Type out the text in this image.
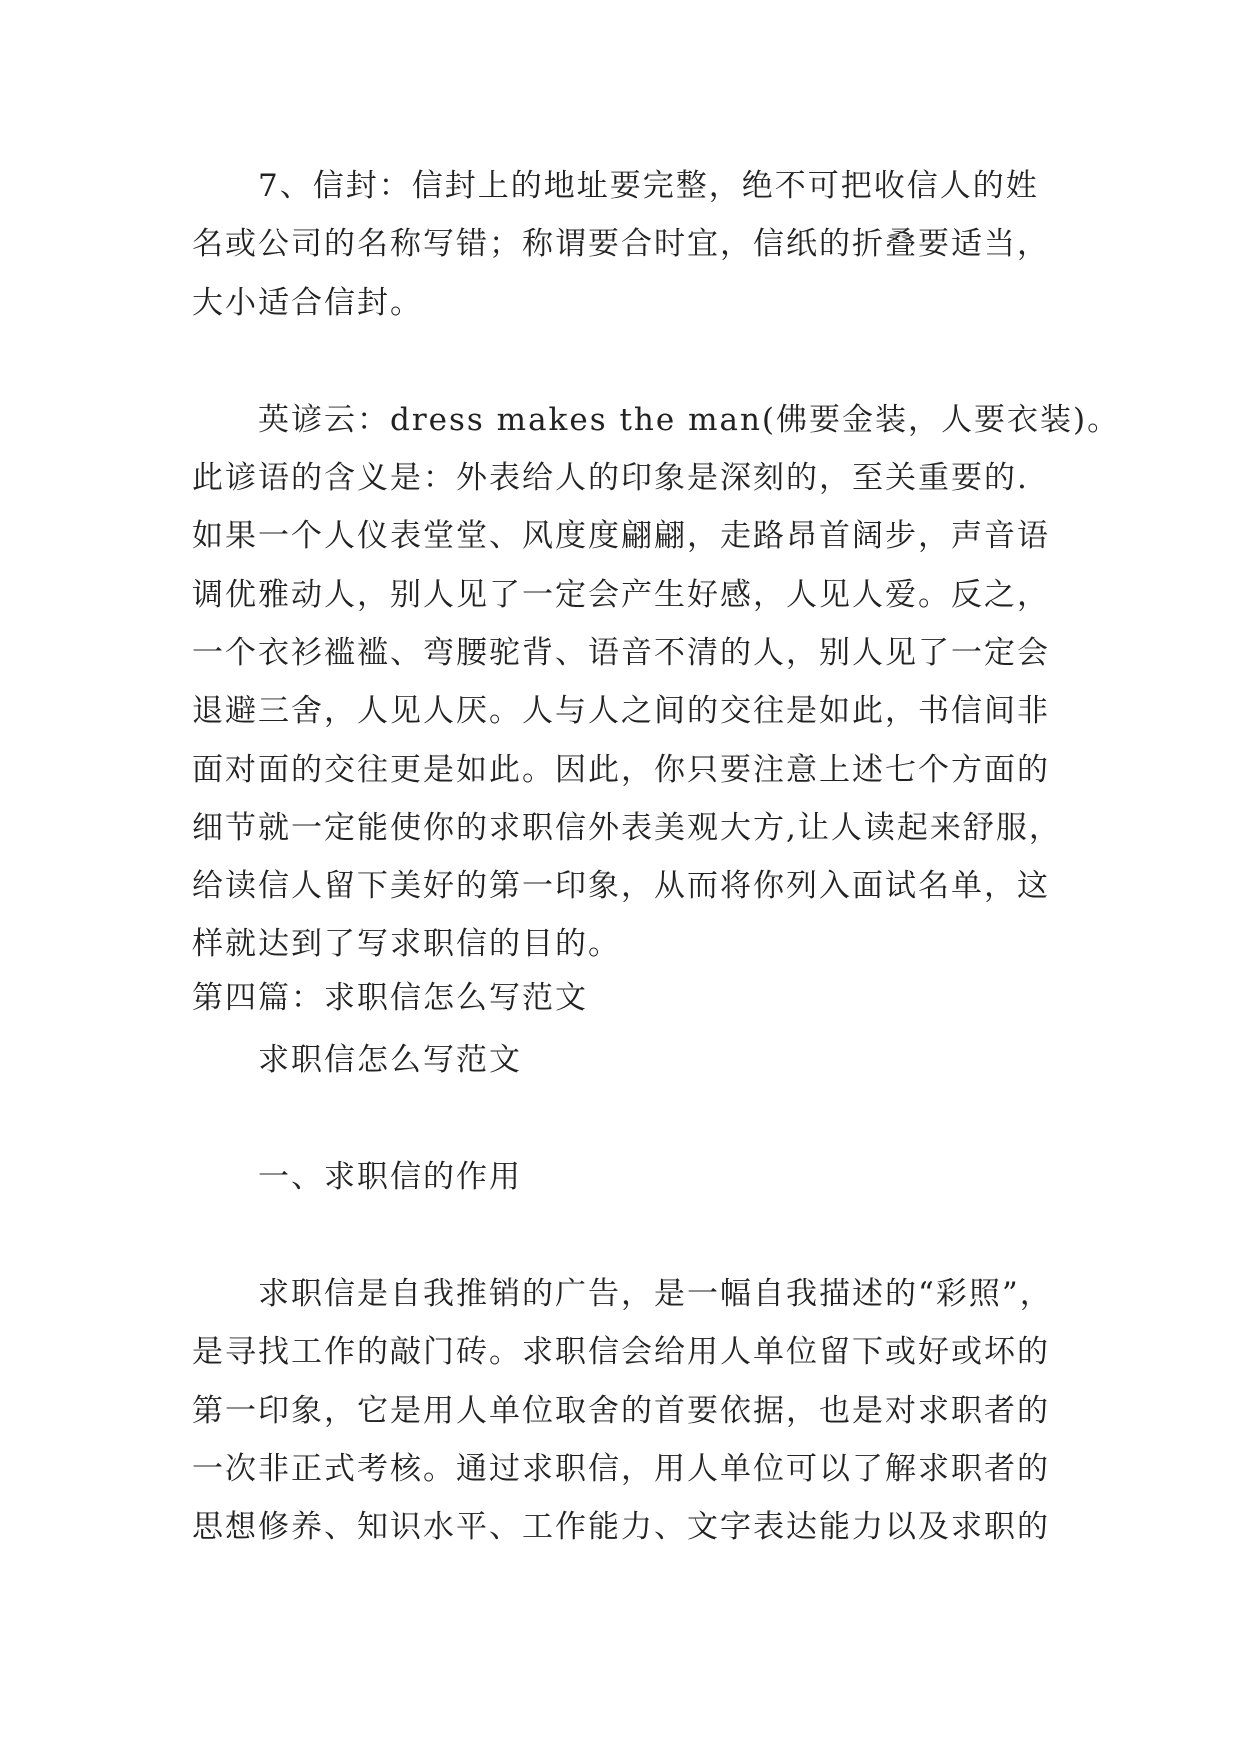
7、信封：信封上的地址要完整，绝不可把收信人的姓
名或公司的名称写错；称谓要合时宜，信纸的折叠要适当，
大小适合信封。
英谚云：dress makes the man(佛要金装，人要衣装)。
此谚语的含义是：外表给人的印象是深刻的，至关重要的.
如果一个人仪表堂堂、风度度翩翩，走路昂首阔步，声音语
调优雅动人，别人见了一定会产生好感，人见人爱。反之，
一个衣衫褴褴、弯腰驼背、语音不清的人，别人见了一定会
退避三舍，人见人厌。人与人之间的交往是如此，书信间非
面对面的交往更是如此。因此，你只要注意上述七个方面的
细节就一定能使你的求职信外表美观大方,让人读起来舒服，
给读信人留下美好的第一印象，从而将你列入面试名单，这
样就达到了写求职信的目的。
第四篇：求职信怎么写范文
求职信怎么写范文
一、求职信的作用
求职信是自我推销的广告，是一幅自我描述的“彩照”，
是寻找工作的敲门砖。求职信会给用人单位留下或好或坏的
第一印象，它是用人单位取舍的首要依据，也是对求职者的
一次非正式考核。通过求职信，用人单位可以了解求职者的
思想修养、知识水平、工作能力、文字表达能力以及求职的
